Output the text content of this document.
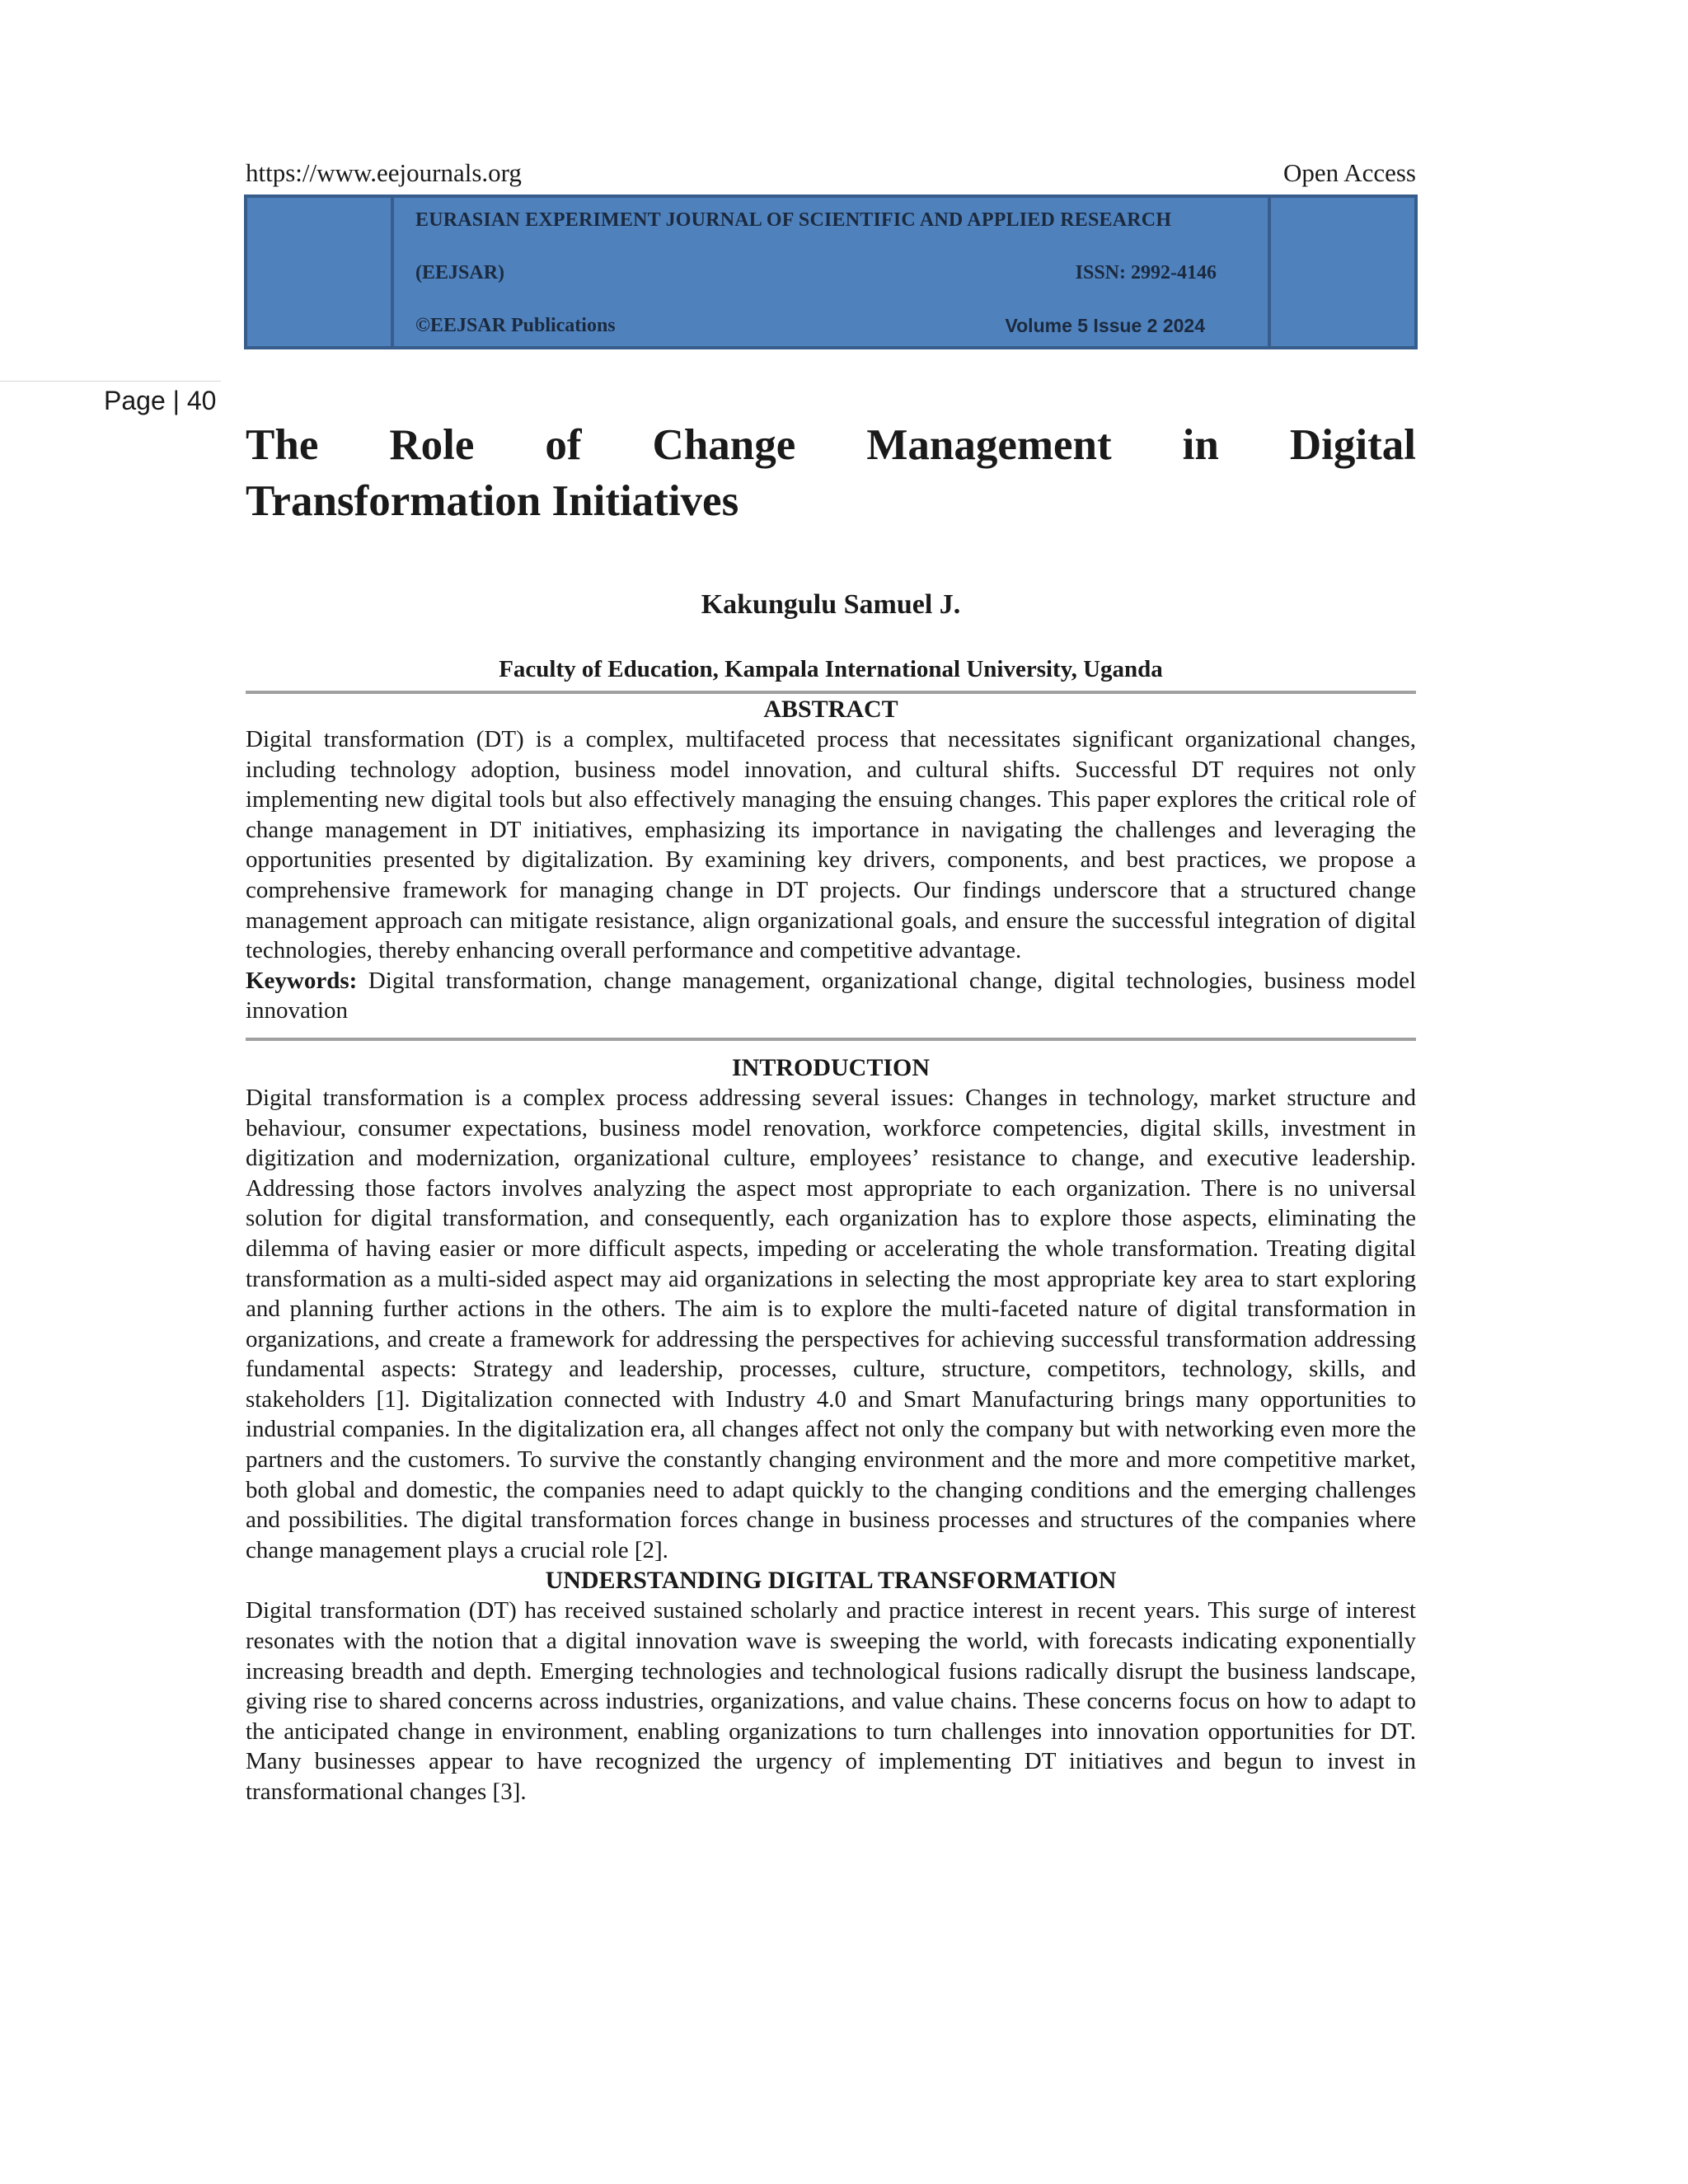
https://www.eejournals.org	Open Access
EURASIAN EXPERIMENT JOURNAL OF SCIENTIFIC AND APPLIED RESEARCH
(EEJSAR)	ISSN: 2992-4146
©EEJSAR Publications	Volume 5 Issue 2 2024
Page | 40
The Role of Change Management in Digital
Transformation Initiatives
Kakungulu Samuel J.
Faculty of Education, Kampala International University, Uganda
ABSTRACT

Digital transformation (DT) is a complex, multifaceted process that necessitates significant organizational changes, including technology adoption, business model innovation, and cultural shifts. Successful DT requires not only implementing new digital tools but also effectively managing the ensuing changes. This paper explores the critical role of change management in DT initiatives, emphasizing its importance in navigating the challenges and leveraging the opportunities presented by digitalization. By examining key drivers, components, and best practices, we propose a comprehensive framework for managing change in DT projects. Our findings underscore that a structured change management approach can mitigate resistance, align organizational goals, and ensure the successful integration of digital technologies, thereby enhancing overall performance and competitive advantage.

Keywords: Digital transformation, change management, organizational change, digital technologies, business model innovation

INTRODUCTION

Digital transformation is a complex process addressing several issues: Changes in technology, market structure and behaviour, consumer expectations, business model renovation, workforce competencies, digital skills, investment in digitization and modernization, organizational culture, employees’ resistance to change, and executive leadership. Addressing those factors involves analyzing the aspect most appropriate to each organization. There is no universal solution for digital transformation, and consequently, each organization has to explore those aspects, eliminating the dilemma of having easier or more difficult aspects, impeding or accelerating the whole transformation. Treating digital transformation as a multi-sided aspect may aid organizations in selecting the most appropriate key area to start exploring and planning further actions in the others. The aim is to explore the multi-faceted nature of digital transformation in organizations, and create a framework for addressing the perspectives for achieving successful transformation addressing fundamental aspects: Strategy and leadership, processes, culture, structure, competitors, technology, skills, and stakeholders [1]. Digitalization connected with Industry 4.0 and Smart Manufacturing brings many opportunities to industrial companies. In the digitalization era, all changes affect not only the company but with networking even more the partners and the customers. To survive the constantly changing environment and the more and more competitive market, both global and domestic, the companies need to adapt quickly to the changing conditions and the emerging challenges and possibilities. The digital transformation forces change in business processes and structures of the companies where change management plays a crucial role [2].

UNDERSTANDING DIGITAL TRANSFORMATION

Digital transformation (DT) has received sustained scholarly and practice interest in recent years. This surge of interest resonates with the notion that a digital innovation wave is sweeping the world, with forecasts indicating exponentially increasing breadth and depth. Emerging technologies and technological fusions radically disrupt the business landscape, giving rise to shared concerns across industries, organizations, and value chains. These concerns focus on how to adapt to the anticipated change in environment, enabling organizations to turn challenges into innovation opportunities for DT. Many businesses appear to have recognized the urgency of implementing DT initiatives and begun to invest in transformational changes [3].
